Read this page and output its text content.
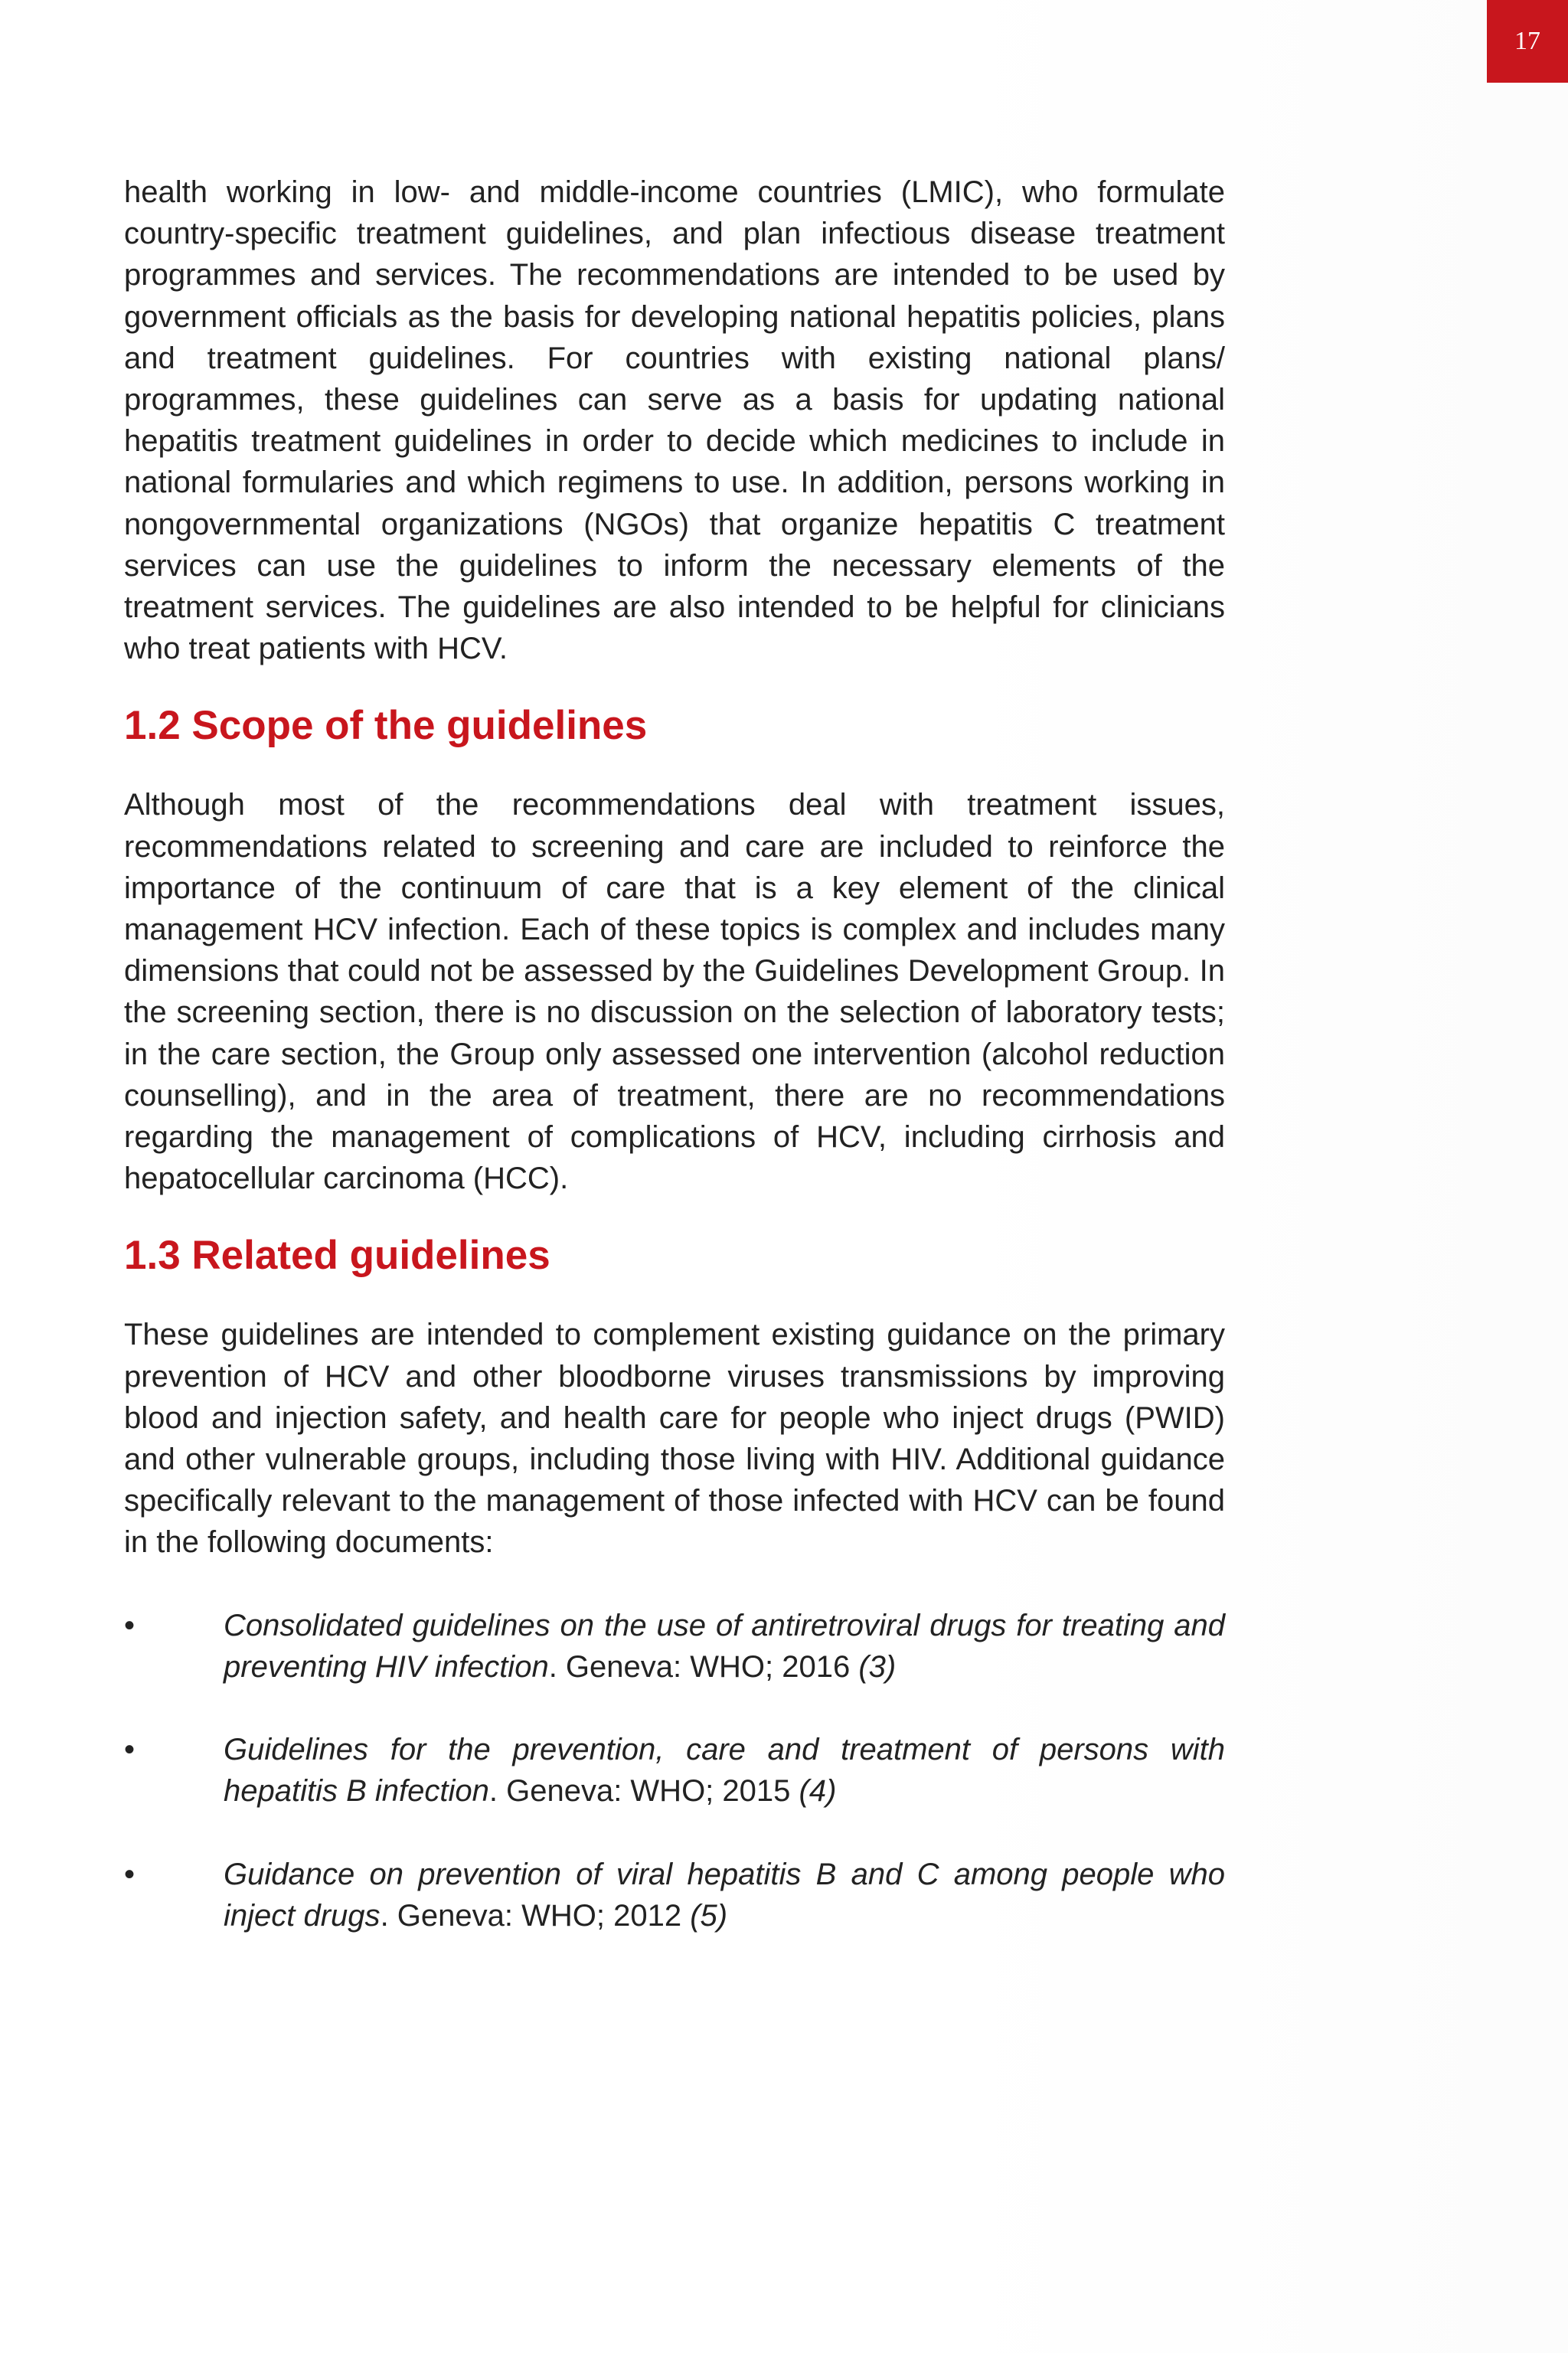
17

health working in low- and middle-income countries (LMIC), who formulate country-specific treatment guidelines, and plan infectious disease treatment programmes and services. The recommendations are intended to be used by government officials as the basis for developing national hepatitis policies, plans and treatment guidelines. For countries with existing national plans/ programmes, these guidelines can serve as a basis for updating national hepatitis treatment guidelines in order to decide which medicines to include in national formularies and which regimens to use. In addition, persons working in nongovernmental organizations (NGOs) that organize hepatitis C treatment services can use the guidelines to inform the necessary elements of the treatment services. The guidelines are also intended to be helpful for clinicians who treat patients with HCV.

1.2 Scope of the guidelines

Although most of the recommendations deal with treatment issues, recommendations related to screening and care are included to reinforce the importance of the continuum of care that is a key element of the clinical management HCV infection. Each of these topics is complex and includes many dimensions that could not be assessed by the Guidelines Development Group. In the screening section, there is no discussion on the selection of laboratory tests; in the care section, the Group only assessed one intervention (alcohol reduction counselling), and in the area of treatment, there are no recommendations regarding the management of complications of HCV, including cirrhosis and hepatocellular carcinoma (HCC).

1.3 Related guidelines

These guidelines are intended to complement existing guidance on the primary prevention of HCV and other bloodborne viruses transmissions by improving blood and injection safety, and health care for people who inject drugs (PWID) and other vulnerable groups, including those living with HIV. Additional guidance specifically relevant to the management of those infected with HCV can be found in the following documents:

•	Consolidated guidelines on the use of antiretroviral drugs for treating and preventing HIV infection. Geneva: WHO; 2016 (3)
•	Guidelines for the prevention, care and treatment of persons with hepatitis B infection. Geneva: WHO; 2015 (4)
•	Guidance on prevention of viral hepatitis B and C among people who inject drugs. Geneva: WHO; 2012 (5)
